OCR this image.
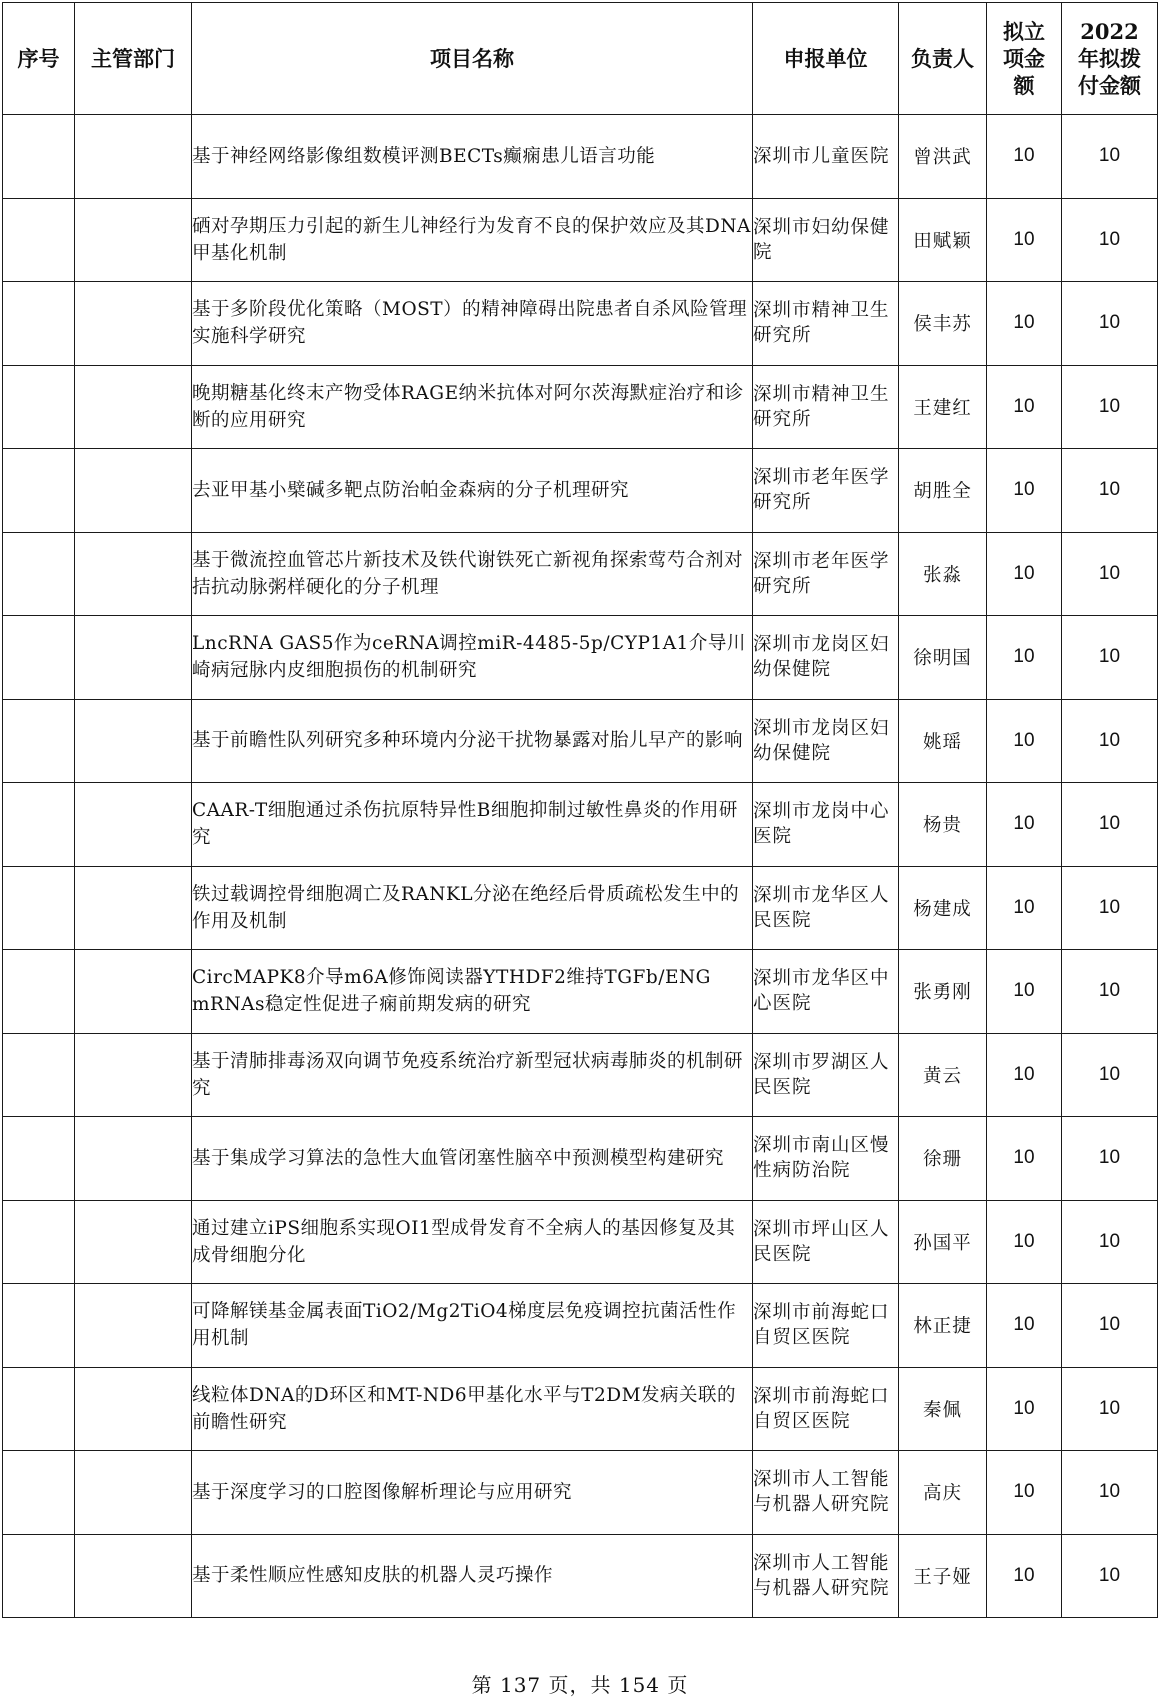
序号	主管部门	项目名称	申报单位	负责人	拟立项金额	2022年拟拨付金额
		基于神经网络影像组数模评测BECTs癫痫患儿语言功能	深圳市儿童医院	曾洪武	10	10
		硒对孕期压力引起的新生儿神经行为发育不良的保护效应及其DNA甲基化机制	深圳市妇幼保健院	田赋颖	10	10
		基于多阶段优化策略（MOST）的精神障碍出院患者自杀风险管理实施科学研究	深圳市精神卫生研究所	侯丰苏	10	10
		晚期糖基化终末产物受体RAGE纳米抗体对阿尔茨海默症治疗和诊断的应用研究	深圳市精神卫生研究所	王建红	10	10
		去亚甲基小檗碱多靶点防治帕金森病的分子机理研究	深圳市老年医学研究所	胡胜全	10	10
		基于微流控血管芯片新技术及铁代谢铁死亡新视角探索莺芍合剂对拮抗动脉粥样硬化的分子机理	深圳市老年医学研究所	张淼	10	10
		LncRNA GAS5作为ceRNA调控miR-4485-5p/CYP1A1介导川崎病冠脉内皮细胞损伤的机制研究	深圳市龙岗区妇幼保健院	徐明国	10	10
		基于前瞻性队列研究多种环境内分泌干扰物暴露对胎儿早产的影响	深圳市龙岗区妇幼保健院	姚瑶	10	10
		CAAR-T细胞通过杀伤抗原特异性B细胞抑制过敏性鼻炎的作用研究	深圳市龙岗中心医院	杨贵	10	10
		铁过载调控骨细胞凋亡及RANKL分泌在绝经后骨质疏松发生中的作用及机制	深圳市龙华区人民医院	杨建成	10	10
		CircMAPK8介导m6A修饰阅读器YTHDF2维持TGFb/ENG mRNAs稳定性促进子痫前期发病的研究	深圳市龙华区中心医院	张勇刚	10	10
		基于清肺排毒汤双向调节免疫系统治疗新型冠状病毒肺炎的机制研究	深圳市罗湖区人民医院	黄云	10	10
		基于集成学习算法的急性大血管闭塞性脑卒中预测模型构建研究	深圳市南山区慢性病防治院	徐珊	10	10
		通过建立iPS细胞系实现OI1型成骨发育不全病人的基因修复及其成骨细胞分化	深圳市坪山区人民医院	孙国平	10	10
		可降解镁基金属表面TiO2/Mg2TiO4梯度层免疫调控抗菌活性作用机制	深圳市前海蛇口自贸区医院	林正捷	10	10
		线粒体DNA的D环区和MT-ND6甲基化水平与T2DM发病关联的前瞻性研究	深圳市前海蛇口自贸区医院	秦佩	10	10
		基于深度学习的口腔图像解析理论与应用研究	深圳市人工智能与机器人研究院	高庆	10	10
		基于柔性顺应性感知皮肤的机器人灵巧操作	深圳市人工智能与机器人研究院	王子娅	10	10
第 137 页，共 154 页
